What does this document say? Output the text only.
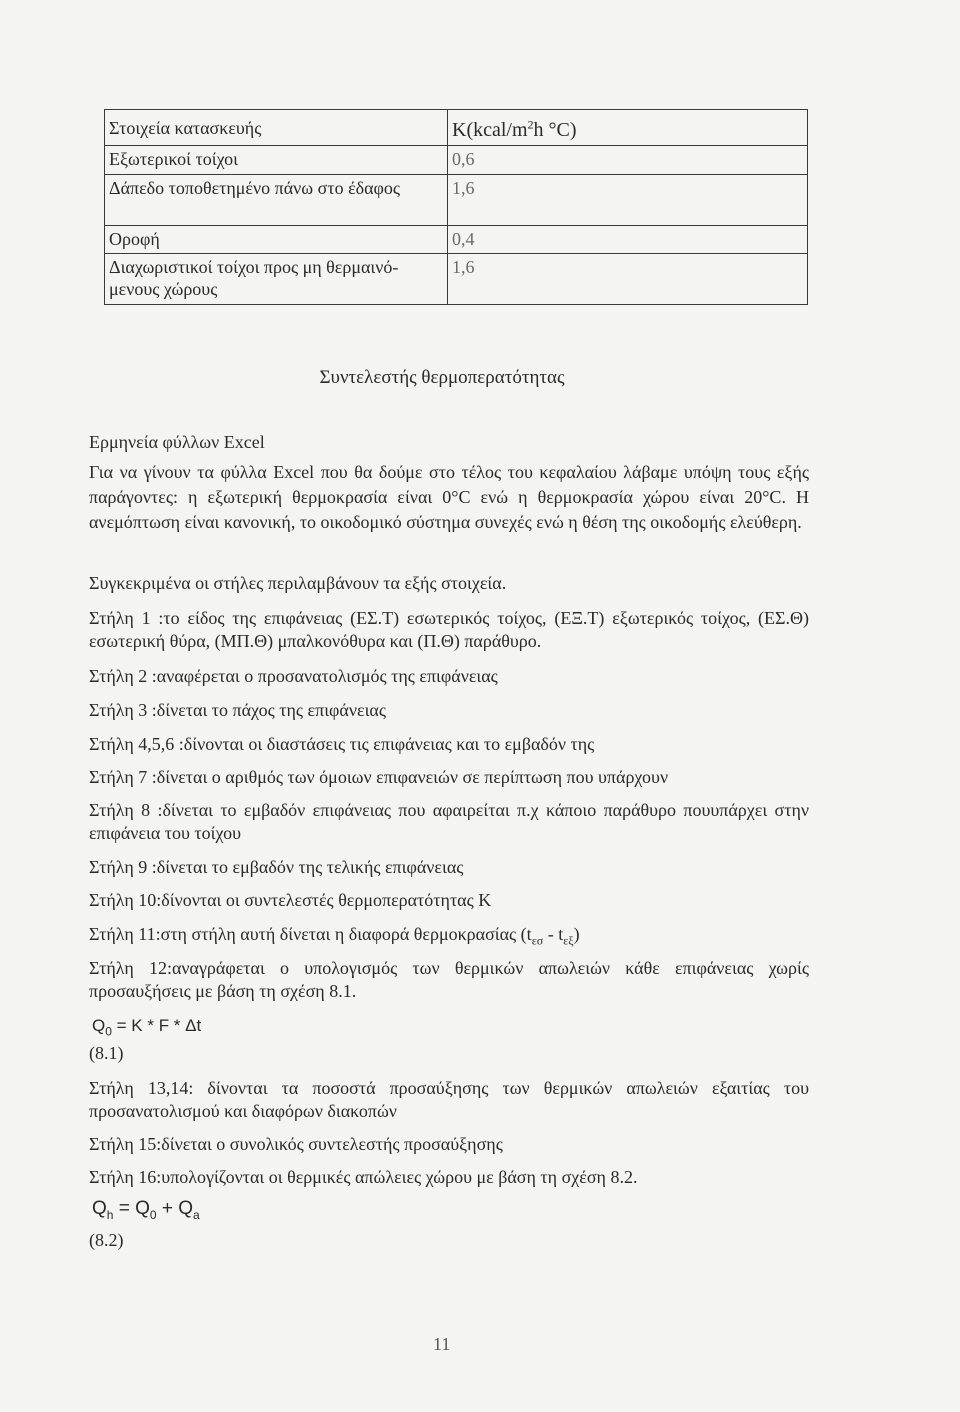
Στοιχεία κατασκευής	$K(kcal/m^2h$ °C)
Εξωτερικοί τοίχοι	0,6
Δάπεδο τοποθετημένο πάνω στο έδαφος	1,6
Οροφή	0,4
Διαχωριστικοί τοίχοι προς μη θερμαινό-μενους χώρους	1,6
Συντελεστής θερμοπερατότητας
Ερμηνεία φύλλων Excel

Για να γίνουν τα φύλλα Excel που θα δούμε στο τέλος του κεφαλαίου λάβαμε υπόψη τους εξής παράγοντες: η εξωτερική θερμοκρασία είναι 0°C ενώ η θερμοκρασία χώρου είναι 20°C. Η ανεμόπτωση είναι κανονική, το οικοδομικό σύστημα συνεχές ενώ η θέση της οικοδομής ελεύθερη.

Συγκεκριμένα οι στήλες περιλαμβάνουν τα εξής στοιχεία.

Στήλη 1 :το είδος της επιφάνειας (ΕΣ.Τ) εσωτερικός τοίχος, (ΕΞ.Τ) εξωτερικός τοίχος, (ΕΣ.Θ) εσωτερική θύρα, (ΜΠ.Θ) μπαλκονόθυρα και (Π.Θ) παράθυρο.

Στήλη 2 :αναφέρεται ο προσανατολισμός της επιφάνειας

Στήλη 3 :δίνεται το πάχος της επιφάνειας

Στήλη 4,5,6 :δίνονται οι διαστάσεις τις επιφάνειας και το εμβαδόν της

Στήλη 7 :δίνεται ο αριθμός των όμοιων επιφανειών σε περίπτωση που υπάρχουν

Στήλη 8 :δίνεται το εμβαδόν επιφάνειας που αφαιρείται π.χ κάποιο παράθυρο πουυπάρχει στην επιφάνεια του τοίχου

Στήλη 9 :δίνεται το εμβαδόν της τελικής επιφάνειας

Στήλη 10:δίνονται οι συντελεστές θερμοπερατότητας K

Στήλη 11:στη στήλη αυτή δίνεται η διαφορά θερμοκρασίας $(t_{\varepsilon\sigma} - t_{\varepsilon\xi})$

Στήλη 12:αναγράφεται ο υπολογισμός των θερμικών απωλειών κάθε επιφάνειας χωρίς προσαυξήσεις με βάση τη σχέση 8.1.

$Q_0 = K * F * \Delta t$
(8.1)

Στήλη 13,14: δίνονται τα ποσοστά προσαύξησης των θερμικών απωλειών εξαιτίας του προσανατολισμού και διαφόρων διακοπών

Στήλη 15:δίνεται ο συνολικός συντελεστής προσαύξησης

Στήλη 16:υπολογίζονται οι θερμικές απώλειες χώρου με βάση τη σχέση 8.2.

$Q_h = Q_0 + Q_a$
(8.2)
11
